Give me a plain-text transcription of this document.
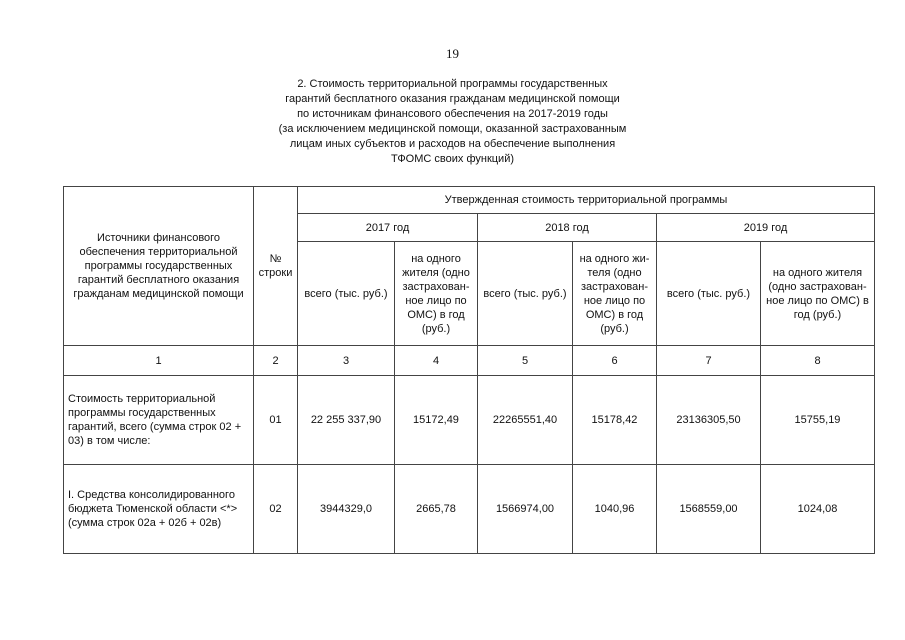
19
2. Стоимость территориальной программы государственных
гарантий бесплатного оказания гражданам медицинской помощи
по источникам финансового обеспечения на 2017-2019 годы
(за исключением медицинской помощи, оказанной застрахованным
лицам иных субъектов и расходов на обеспечение выполнения
ТФОМС своих функций)
Источники финансового обеспечения территориальной программы государственных гарантий бесплатного оказания гражданам медицинской помощи	№ строки	Утвержденная стоимость территориальной программы					
		2017 год		2018 год		2019 год	
		всего (тыс. руб.)	на одного жителя (одно застрахован-ное лицо по ОМС) в год (руб.)	всего (тыс. руб.)	на одного жи-теля (одно застрахован-ное лицо по ОМС) в год (руб.)	всего (тыс. руб.)	на одного жителя (одно застрахован-ное лицо по ОМС) в год (руб.)
1	2	3	4	5	6	7	8
Стоимость территориальной программы государственных гарантий, всего (сумма строк 02 + 03) в том числе:	01	22 255 337,90	15172,49	22265551,40	15178,42	23136305,50	15755,19
I. Средства консолидированного бюджета Тюменской области <*> (сумма строк 02а + 02б + 02в)	02	3944329,0	2665,78	1566974,00	1040,96	1568559,00	1024,08
